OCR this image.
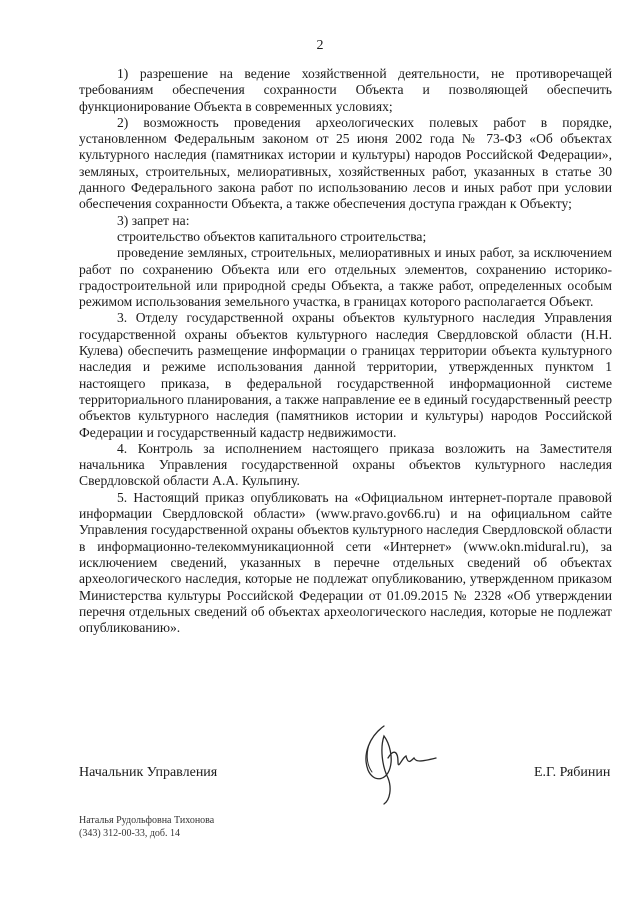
2

1) разрешение на ведение хозяйственной деятельности, не противоречащей требованиям обеспечения сохранности Объекта и позволяющей обеспечить функционирование Объекта в современных условиях;

2) возможность проведения археологических полевых работ в порядке, установленном Федеральным законом от 25 июня 2002 года № 73-ФЗ «Об объектах культурного наследия (памятниках истории и культуры) народов Российской Федерации», земляных, строительных, мелиоративных, хозяйственных работ, указанных в статье 30 данного Федерального закона работ по использованию лесов и иных работ при условии обеспечения сохранности Объекта, а также обеспечения доступа граждан к Объекту;

3) запрет на:

строительство объектов капитального строительства;

проведение земляных, строительных, мелиоративных и иных работ, за исключением работ по сохранению Объекта или его отдельных элементов, сохранению историко-градостроительной или природной среды Объекта, а также работ, определенных особым режимом использования земельного участка, в границах которого располагается Объект.

3. Отделу государственной охраны объектов культурного наследия Управления государственной охраны объектов культурного наследия Свердловской области (Н.Н. Кулева) обеспечить размещение информации о границах территории объекта культурного наследия и режиме использования данной территории, утвержденных пунктом 1 настоящего приказа, в федеральной государственной информационной системе территориального планирования, а также направление ее в единый государственный реестр объектов культурного наследия (памятников истории и культуры) народов Российской Федерации и государственный кадастр недвижимости.

4. Контроль за исполнением настоящего приказа возложить на Заместителя начальника Управления государственной охраны объектов культурного наследия Свердловской области А.А. Кульпину.

5. Настоящий приказ опубликовать на «Официальном интернет-портале правовой информации Свердловской области» (www.pravo.gov66.ru) и на официальном сайте Управления государственной охраны объектов культурного наследия Свердловской области в информационно-телекоммуникационной сети «Интернет» (www.okn.midural.ru), за исключением сведений, указанных в перечне отдельных сведений об объектах археологического наследия, которые не подлежат опубликованию, утвержденном приказом Министерства культуры Российской Федерации от 01.09.2015 № 2328 «Об утверждении перечня отдельных сведений об объектах археологического наследия, которые не подлежат опубликованию».

Начальник Управления	Е.Г. Рябинин
Наталья Рудольфовна Тихонова
(343) 312-00-33, доб. 14
